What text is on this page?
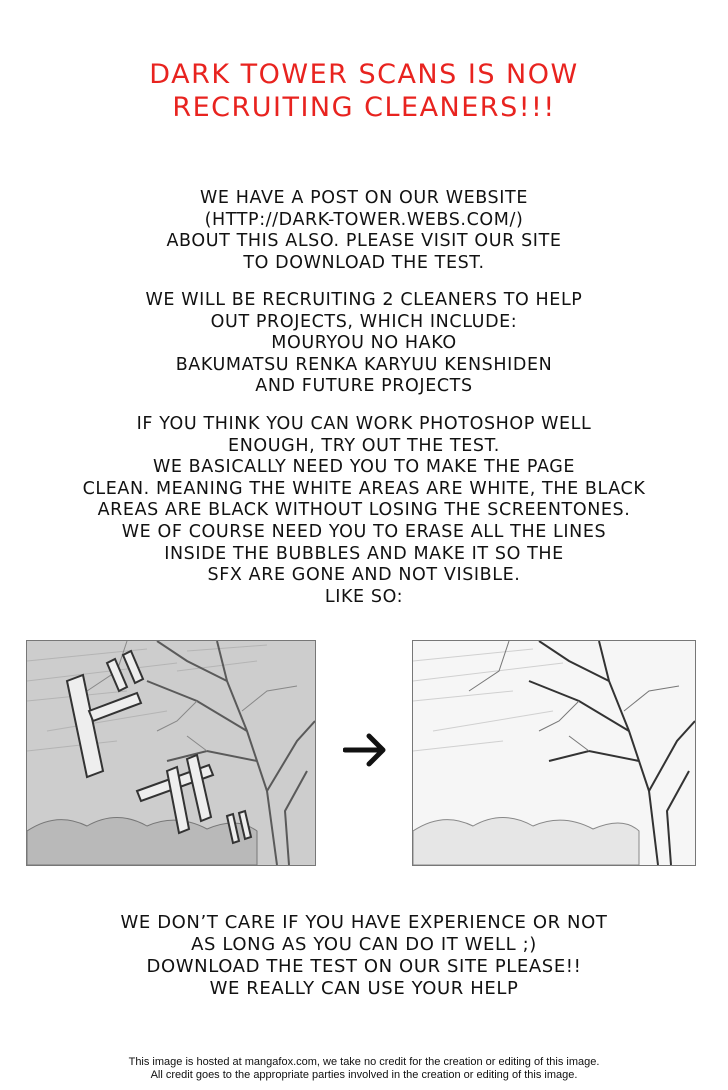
DARK TOWER SCANS IS NOW
RECRUITING CLEANERS!!!
WE HAVE A POST ON OUR WEBSITE
(HTTP://DARK-TOWER.WEBS.COM/)
ABOUT THIS ALSO. PLEASE VISIT OUR SITE
TO DOWNLOAD THE TEST.
WE WILL BE RECRUITING 2 CLEANERS TO HELP
OUT PROJECTS, WHICH INCLUDE:
MOURYOU NO HAKO
BAKUMATSU RENKA KARYUU KENSHIDEN
AND FUTURE PROJECTS
IF YOU THINK YOU CAN WORK PHOTOSHOP WELL
ENOUGH, TRY OUT THE TEST.
WE BASICALLY NEED YOU TO MAKE THE PAGE
CLEAN. MEANING THE WHITE AREAS ARE WHITE, THE BLACK
AREAS ARE BLACK WITHOUT LOSING THE SCREENTONES.
WE OF COURSE NEED YOU TO ERASE ALL THE LINES
INSIDE THE BUBBLES AND MAKE IT SO THE
SFX ARE GONE AND NOT VISIBLE.
LIKE SO:
WE DON’T CARE IF YOU HAVE EXPERIENCE OR NOT
AS LONG AS YOU CAN DO IT WELL ;)
DOWNLOAD THE TEST ON OUR SITE PLEASE!!
WE REALLY CAN USE YOUR HELP
This image is hosted at mangafox.com, we take no credit for the creation or editing of this image.
All credit goes to the appropriate parties involved in the creation or editing of this image.
